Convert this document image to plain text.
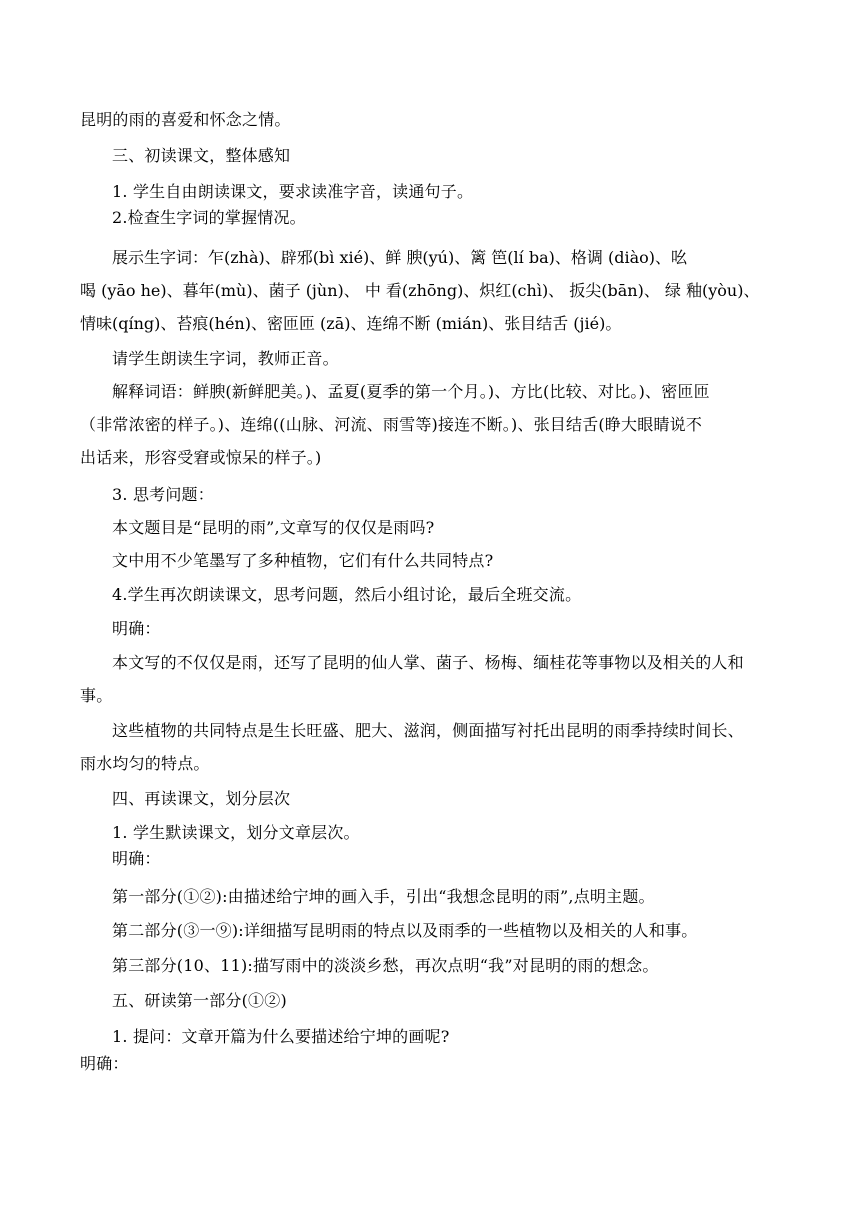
昆明的雨的喜爱和怀念之情。
三、初读课文，整体感知
1. 学生自由朗读课文，要求读准字音，读通句子。
2.检查生字词的掌握情况。
展示生字词：乍(zhà)、辟邪(bì xié)、鲜 腴(yú)、篱 笆(lí ba)、格调 (diào)、吆
喝 (yāo he)、暮年(mù)、菌子 (jùn)、 中 看(zhōng)、炽红(chì)、 扳尖(bān)、 绿 釉(yòu)、
情味(qíng)、苔痕(hén)、密匝匝 (zā)、连绵不断 (mián)、张目结舌 (jié)。
请学生朗读生字词，教师正音。
解释词语：鲜腴(新鲜肥美。)、孟夏(夏季的第一个月。)、方比(比较、对比。)、密匝匝
（非常浓密的样子。)、连绵((山脉、河流、雨雪等)接连不断。)、张目结舌(睁大眼睛说不
出话来，形容受窘或惊呆的样子。)
3. 思考问题：
本文题目是“昆明的雨”,文章写的仅仅是雨吗?
文中用不少笔墨写了多种植物，它们有什么共同特点?
4.学生再次朗读课文，思考问题，然后小组讨论，最后全班交流。
明确：
本文写的不仅仅是雨，还写了昆明的仙人掌、菌子、杨梅、缅桂花等事物以及相关的人和
事。
这些植物的共同特点是生长旺盛、肥大、滋润，侧面描写衬托出昆明的雨季持续时间长、
雨水均匀的特点。
四、再读课文，划分层次
1. 学生默读课文，划分文章层次。
明确：
第一部分(①②):由描述给宁坤的画入手，引出“我想念昆明的雨”,点明主题。
第二部分(③一⑨):详细描写昆明雨的特点以及雨季的一些植物以及相关的人和事。
第三部分(10、11):描写雨中的淡淡乡愁，再次点明“我”对昆明的雨的想念。
五、研读第一部分(①②)
1. 提问：文章开篇为什么要描述给宁坤的画呢?
明确：
